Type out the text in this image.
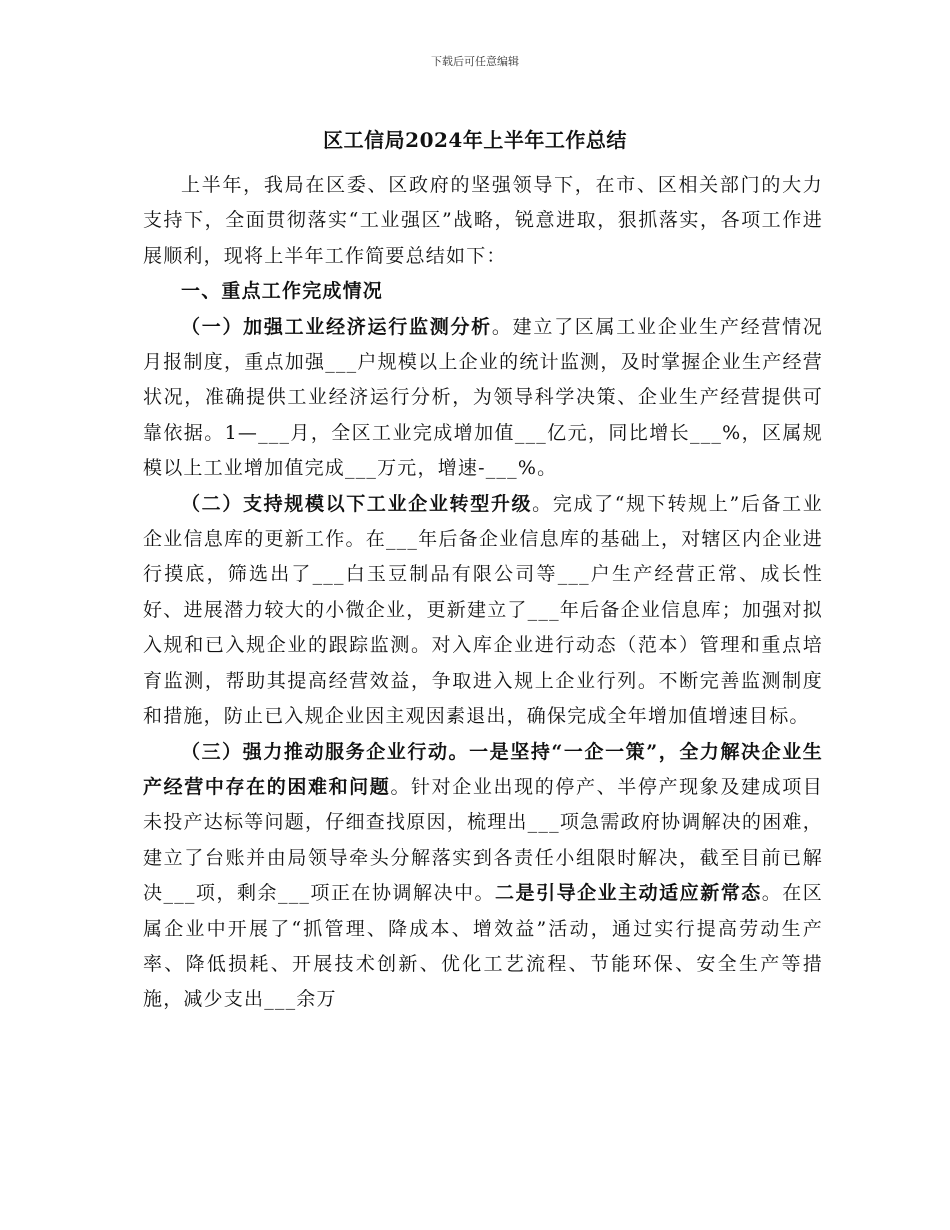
下载后可任意编辑
区工信局2024年上半年工作总结

上半年，我局在区委、区政府的坚强领导下，在市、区相关部门的大力支持下，全面贯彻落实“工业强区”战略，锐意进取，狠抓落实，各项工作进展顺利，现将上半年工作简要总结如下：

一、重点工作完成情况

（一）加强工业经济运行监测分析。建立了区属工业企业生产经营情况月报制度，重点加强___户规模以上企业的统计监测，及时掌握企业生产经营状况，准确提供工业经济运行分析，为领导科学决策、企业生产经营提供可靠依据。1—___月，全区工业完成增加值___亿元，同比增长___%，区属规模以上工业增加值完成___万元，增速-___%。

（二）支持规模以下工业企业转型升级。完成了“规下转规上”后备工业企业信息库的更新工作。在___年后备企业信息库的基础上，对辖区内企业进行摸底，筛选出了___白玉豆制品有限公司等___户生产经营正常、成长性好、进展潜力较大的小微企业，更新建立了___年后备企业信息库；加强对拟入规和已入规企业的跟踪监测。对入库企业进行动态（范本）管理和重点培育监测，帮助其提高经营效益，争取进入规上企业行列。不断完善监测制度和措施，防止已入规企业因主观因素退出，确保完成全年增加值增速目标。

（三）强力推动服务企业行动。一是坚持“一企一策”，全力解决企业生产经营中存在的困难和问题。针对企业出现的停产、半停产现象及建成项目未投产达标等问题，仔细查找原因，梳理出___项急需政府协调解决的困难，建立了台账并由局领导牵头分解落实到各责任小组限时解决，截至目前已解决___项，剩余___项正在协调解决中。二是引导企业主动适应新常态。在区属企业中开展了“抓管理、降成本、增效益”活动，通过实行提高劳动生产率、降低损耗、开展技术创新、优化工艺流程、节能环保、安全生产等措施，减少支出___余万
